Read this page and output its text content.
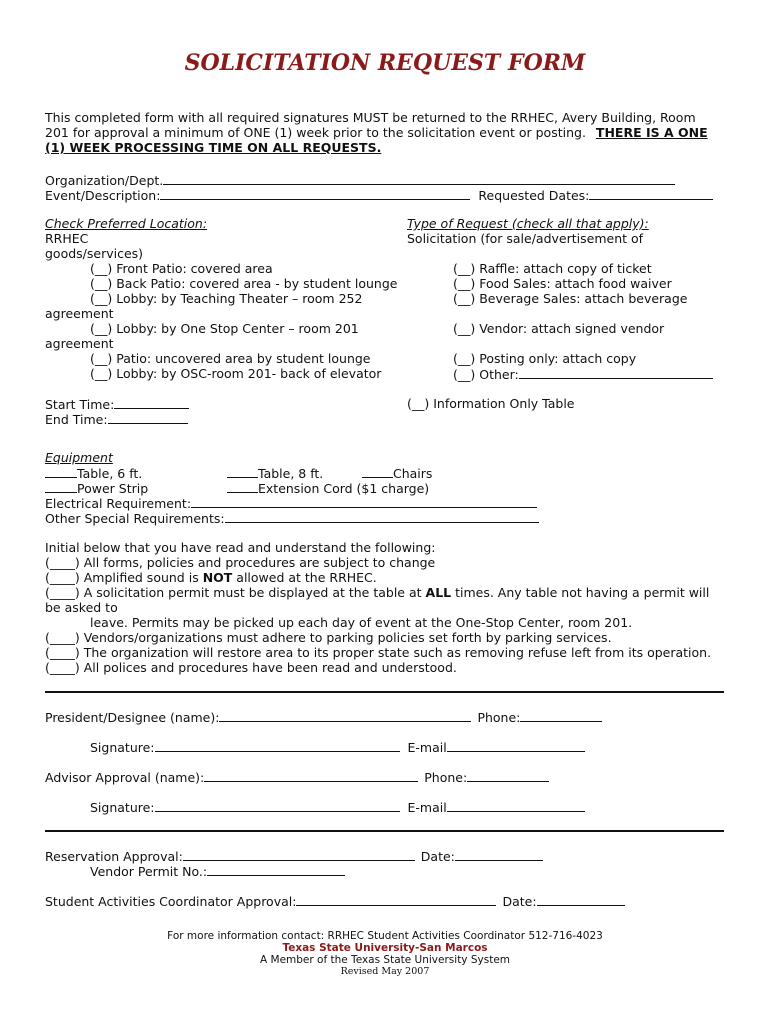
SOLICITATION REQUEST FORM
This completed form with all required signatures MUST be returned to the RRHEC, Avery Building, Room
201 for approval a minimum of ONE (1) week prior to the solicitation event or posting. THERE IS A ONE
(1) WEEK PROCESSING TIME ON ALL REQUESTS.
Organization/Dept.
Event/Description:	Requested Dates:
Check Preferred Location:
RRHEC
goods/services)
(__) Front Patio: covered area
(__) Back Patio: covered area - by student lounge
(__) Lobby: by Teaching Theater – room 252
agreement
(__) Lobby: by One Stop Center – room 201
agreement
(__) Patio: uncovered area by student lounge
(__) Lobby: by OSC-room 201- back of elevator
Type of Request (check all that apply):
Solicitation (for sale/advertisement of
(__) Raffle: attach copy of ticket
(__) Food Sales: attach food waiver
(__) Beverage Sales: attach beverage
(__) Vendor: attach signed vendor
(__) Posting only: attach copy
(__) Other:
(__) Information Only Table
Start Time:
End Time:
Equipment
Table, 6 ft.	Table, 8 ft.	Chairs
Power Strip	Extension Cord ($1 charge)
Electrical Requirement:
Other Special Requirements:
Initial below that you have read and understand the following:
(____) All forms, policies and procedures are subject to change
(____) Amplified sound is NOT allowed at the RRHEC.
(____) A solicitation permit must be displayed at the table at ALL times. Any table not having a permit will
be asked to
leave. Permits may be picked up each day of event at the One-Stop Center, room 201.
(____) Vendors/organizations must adhere to parking policies set forth by parking services.
(____) The organization will restore area to its proper state such as removing refuse left from its operation.
(____) All polices and procedures have been read and understood.
President/Designee (name):	Phone:
Signature:	E-mail
Advisor Approval (name):	Phone:
Signature:	E-mail
Reservation Approval:	Date:
Vendor Permit No.:
Student Activities Coordinator Approval:	Date:
For more information contact: RRHEC Student Activities Coordinator 512-716-4023
Texas State University-San Marcos
A Member of the Texas State University System
Revised May 2007
